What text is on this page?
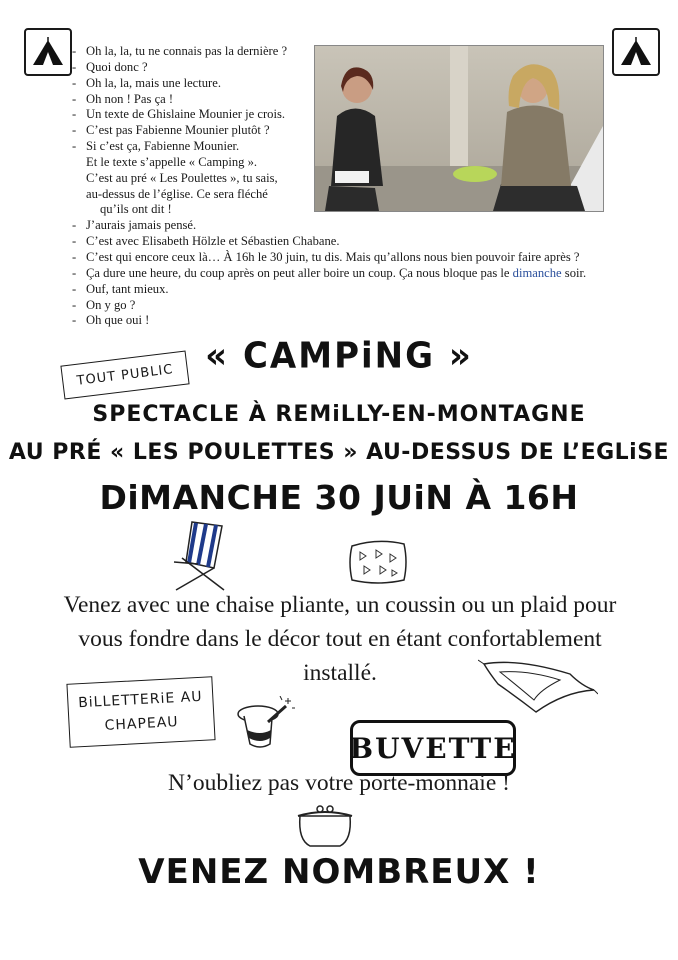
- Oh la, la, tu ne connais pas la dernière ?
- Quoi donc ?
- Oh la, la, mais une lecture.
- Oh non ! Pas ça !
- Un texte de Ghislaine Mounier je crois.
- C’est pas Fabienne Mounier plutôt ?
- Si c’est ça, Fabienne Mounier.
Et le texte s’appelle « Camping ».
C’est au pré « Les Poulettes », tu sais,
au-dessus de l’église. Ce sera fléché
qu’ils ont dit !
- J’aurais jamais pensé.
- C’est avec Elisabeth Hölzle et Sébastien Chabane.
- C’est qui encore ceux là… À 16h le 30 juin, tu dis. Mais qu’allons nous bien pouvoir faire après ?
- Ça dure une heure, du coup après on peut aller boire un coup. Ça nous bloque pas le dimanche soir.
- Ouf, tant mieux.
- On y go ?
- Oh que oui !
TOUT PUBLIC « CAMPiNG »
SPECTACLE À REMiLLY-EN-MONTAGNE
AU PRÉ « LES POULETTES » AU-DESSUS DE L’EGLiSE
DiMANCHE 30 JUiN À 16H
Venez avec une chaise pliante, un coussin ou un plaid pour vous fondre dans le décor tout en étant confortablement installé.
BiLLETTERiE AU
CHAPEAU
BUVETTE
N’oubliez pas votre porte-monnaie !
VENEZ NOMBREUX !
